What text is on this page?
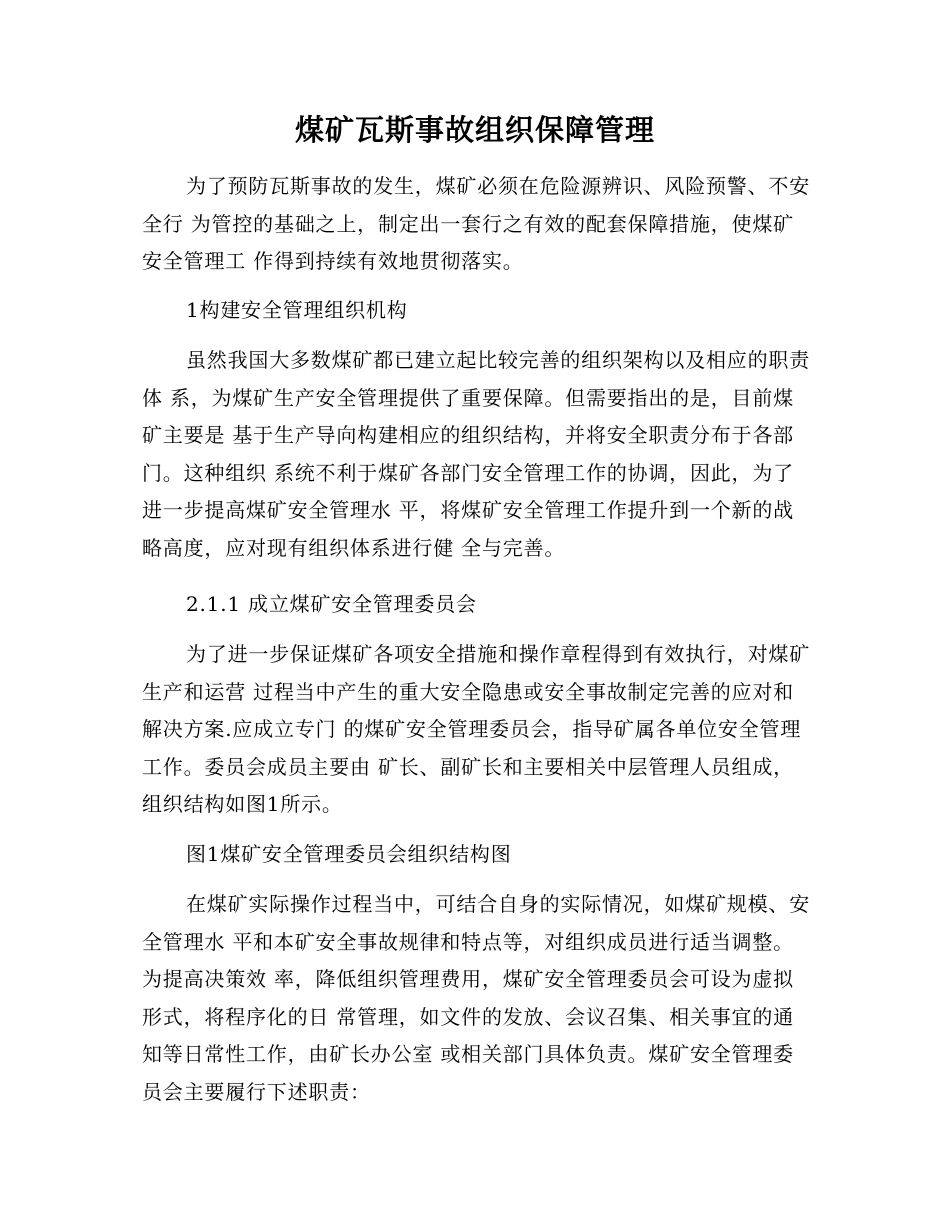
煤矿瓦斯事故组织保障管理

为了预防瓦斯事故的发生，煤矿必须在危险源辨识、风险预警、不安全行 为管控的基础之上，制定出一套行之有效的配套保障措施，使煤矿安全管理工 作得到持续有效地贯彻落实。

1构建安全管理组织机构

虽然我国大多数煤矿都已建立起比较完善的组织架构以及相应的职责体 系，为煤矿生产安全管理提供了重要保障。但需要指出的是，目前煤矿主要是 基于生产导向构建相应的组织结构，并将安全职责分布于各部门。这种组织 系统不利于煤矿各部门安全管理工作的协调，因此，为了进一步提高煤矿安全管理水 平，将煤矿安全管理工作提升到一个新的战略高度，应对现有组织体系进行健 全与完善。

2.1.1 成立煤矿安全管理委员会

为了进一步保证煤矿各项安全措施和操作章程得到有效执行，对煤矿生产和运营 过程当中产生的重大安全隐患或安全事故制定完善的应对和解决方案.应成立专门 的煤矿安全管理委员会，指导矿属各单位安全管理工作。委员会成员主要由 矿长、副矿长和主要相关中层管理人员组成，组织结构如图1所示。

图1煤矿安全管理委员会组织结构图

在煤矿实际操作过程当中，可结合自身的实际情况，如煤矿规模、安全管理水 平和本矿安全事故规律和特点等，对组织成员进行适当调整。为提高决策效 率，降低组织管理费用，煤矿安全管理委员会可设为虚拟形式，将程序化的日 常管理，如文件的发放、会议召集、相关事宜的通知等日常性工作，由矿长办公室 或相关部门具体负责。煤矿安全管理委员会主要履行下述职责：
